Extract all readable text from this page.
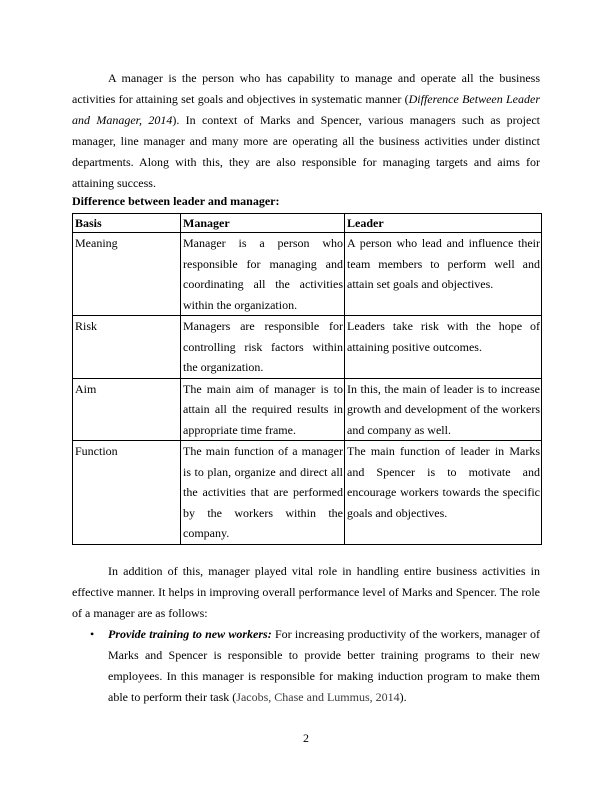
A manager is the person who has capability to manage and operate all the business activities for attaining set goals and objectives in systematic manner (Difference Between Leader and Manager, 2014). In context of Marks and Spencer, various managers such as project manager, line manager and many more are operating all the business activities under distinct departments. Along with this, they are also responsible for managing targets and aims for attaining success.

Difference between leader and manager:
Basis	Manager	Leader
Meaning	Manager is a person who responsible for managing and coordinating all the activities within the organization.	A person who lead and influence their team members to perform well and attain set goals and objectives.
Risk	Managers are responsible for controlling risk factors within the organization.	Leaders take risk with the hope of attaining positive outcomes.
Aim	The main aim of manager is to attain all the required results in appropriate time frame.	In this, the main of leader is to increase growth and development of the workers and company as well.
Function	The main function of a manager is to plan, organize and direct all the activities that are performed by the workers within the company.	The main function of leader in Marks and Spencer is to motivate and encourage workers towards the specific goals and objectives.

In addition of this, manager played vital role in handling entire business activities in effective manner. It helps in improving overall performance level of Marks and Spencer. The role of a manager are as follows:

• Provide training to new workers: For increasing productivity of the workers, manager of Marks and Spencer is responsible to provide better training programs to their new employees. In this manager is responsible for making induction program to make them able to perform their task (Jacobs, Chase and Lummus, 2014).
2
